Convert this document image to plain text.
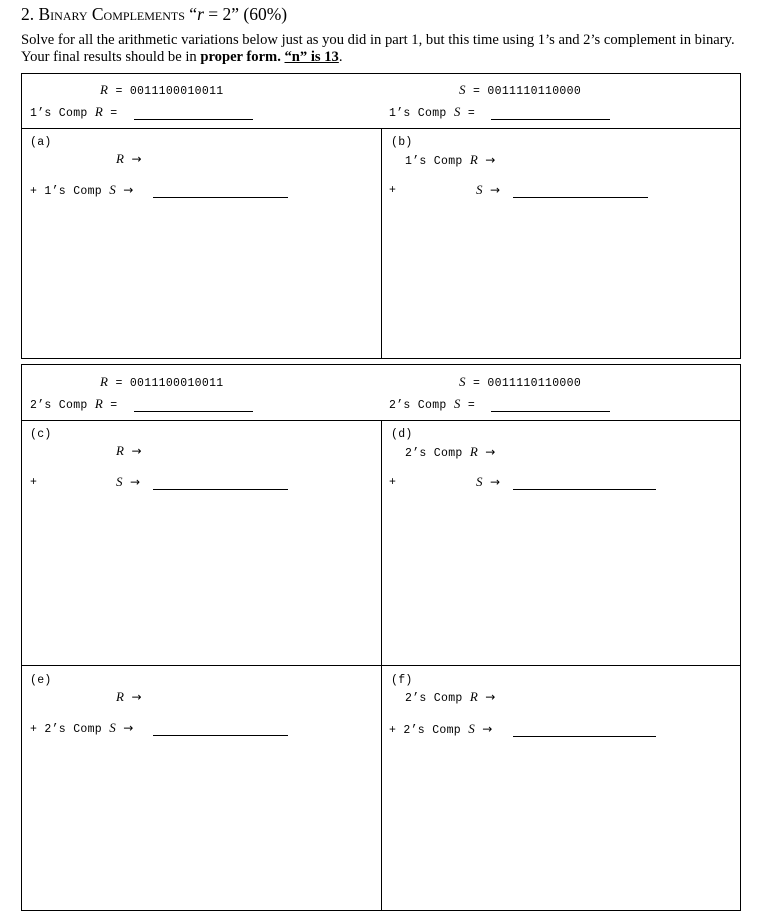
2. Binary Complements “r = 2” (60%)
Solve for all the arithmetic variations below just as you did in part 1, but this time using 1’s and 2’s complement in binary. Your final results should be in proper form. “n” is 13.
R = 0011100010011	S = 0011110110000
1’s Comp R =	1’s Comp S =
(a)
R →
+ 1’s Comp S →
(b)
1’s Comp R →
+	S →
R = 0011100010011	S = 0011110110000
2’s Comp R =	2’s Comp S =
(c)
R →
+	S →
(d)
2’s Comp R →
+	S →
(e)
R →
+ 2’s Comp S →
(f)
2’s Comp R →
+ 2’s Comp S →
